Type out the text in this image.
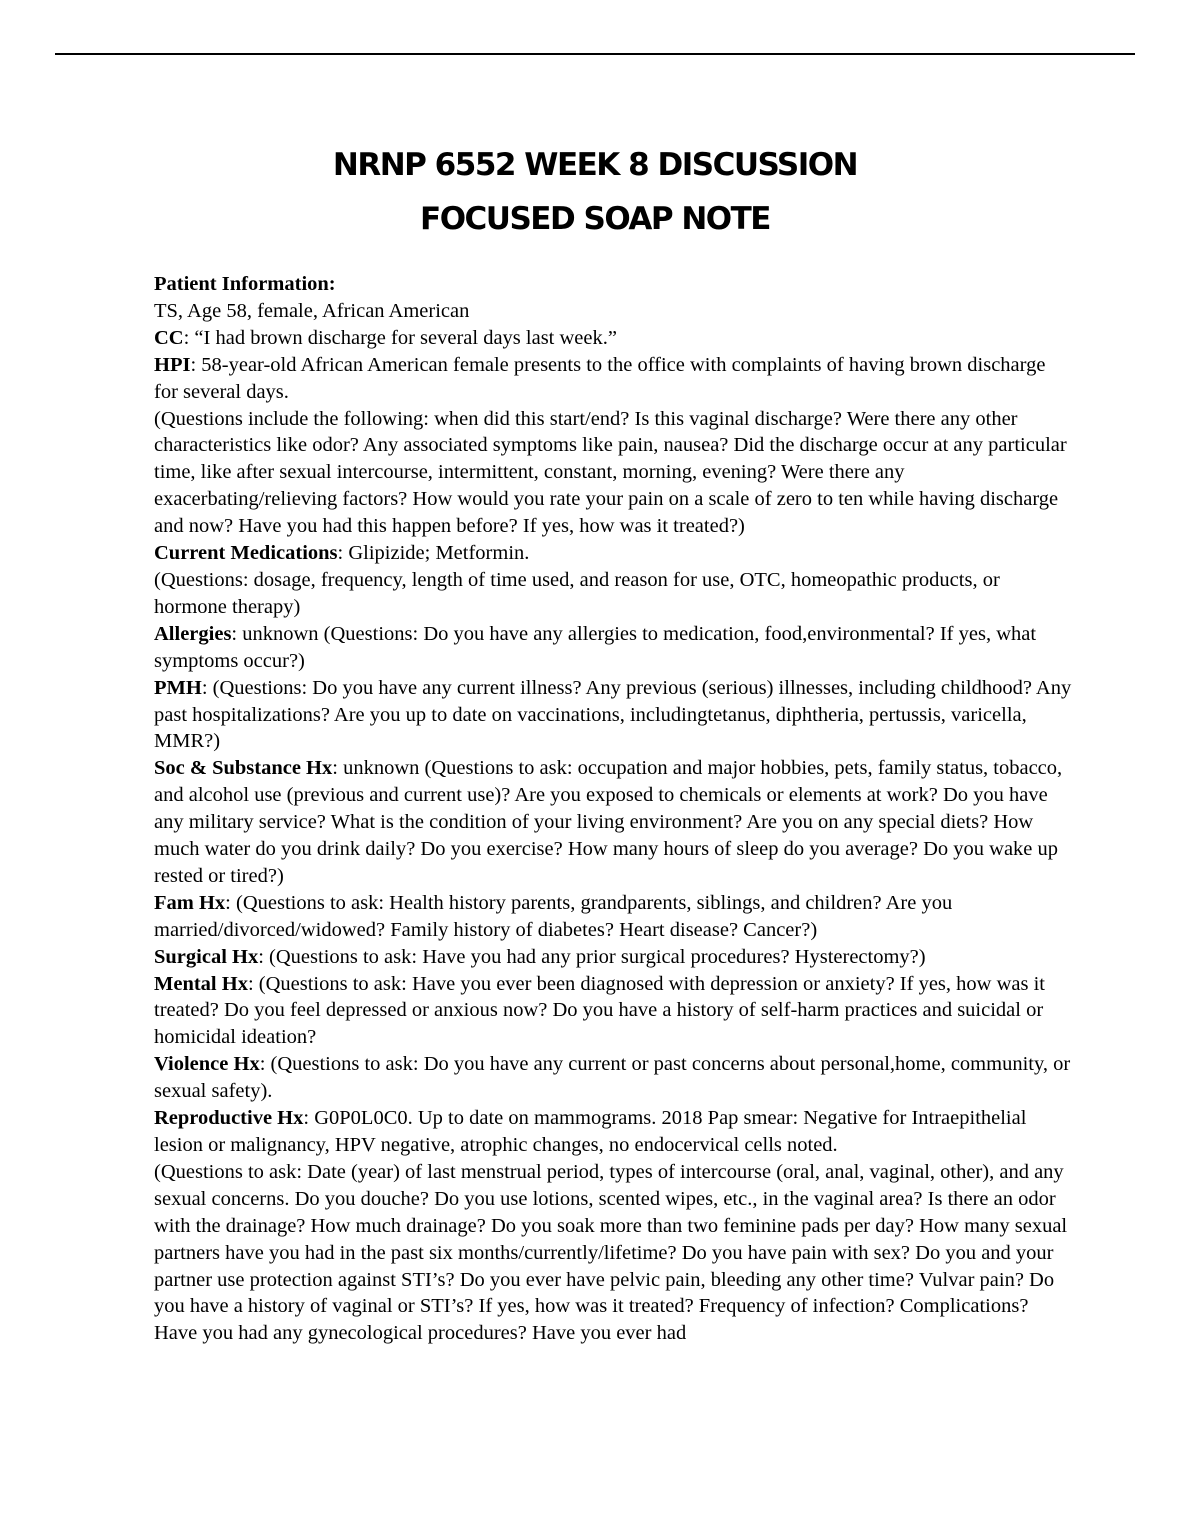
NRNP 6552 WEEK 8 DISCUSSION
FOCUSED SOAP NOTE

Patient Information:

TS, Age 58, female, African American

CC: “I had brown discharge for several days last week.”

HPI: 58-year-old African American female presents to the office with complaints of having brown discharge for several days.

(Questions include the following: when did this start/end? Is this vaginal discharge? Were there any other characteristics like odor? Any associated symptoms like pain, nausea? Did the discharge occur at any particular time, like after sexual intercourse, intermittent, constant, morning, evening? Were there any exacerbating/relieving factors? How would you rate your pain on a scale of zero to ten while having discharge and now? Have you had this happen before? If yes, how was it treated?)

Current Medications: Glipizide; Metformin.

(Questions: dosage, frequency, length of time used, and reason for use, OTC, homeopathic products, or hormone therapy)

Allergies: unknown (Questions: Do you have any allergies to medication, food,environmental? If yes, what symptoms occur?)

PMH: (Questions: Do you have any current illness? Any previous (serious) illnesses, including childhood? Any past hospitalizations? Are you up to date on vaccinations, includingtetanus, diphtheria, pertussis, varicella, MMR?)

Soc & Substance Hx: unknown (Questions to ask: occupation and major hobbies, pets, family status, tobacco, and alcohol use (previous and current use)? Are you exposed to chemicals or elements at work? Do you have any military service? What is the condition of your living environment? Are you on any special diets? How much water do you drink daily? Do you exercise? How many hours of sleep do you average? Do you wake up rested or tired?)

Fam Hx: (Questions to ask: Health history parents, grandparents, siblings, and children? Are you married/divorced/widowed? Family history of diabetes? Heart disease? Cancer?)

Surgical Hx: (Questions to ask: Have you had any prior surgical procedures? Hysterectomy?)

Mental Hx: (Questions to ask: Have you ever been diagnosed with depression or anxiety? If yes, how was it treated? Do you feel depressed or anxious now? Do you have a history of self-harm practices and suicidal or homicidal ideation?

Violence Hx: (Questions to ask: Do you have any current or past concerns about personal,home, community, or sexual safety).

Reproductive Hx: G0P0L0C0. Up to date on mammograms. 2018 Pap smear: Negative for Intraepithelial lesion or malignancy, HPV negative, atrophic changes, no endocervical cells noted.

(Questions to ask: Date (year) of last menstrual period, types of intercourse (oral, anal, vaginal, other), and any sexual concerns. Do you douche? Do you use lotions, scented wipes, etc., in the vaginal area? Is there an odor with the drainage? How much drainage? Do you soak more than two feminine pads per day? How many sexual partners have you had in the past six months/currently/lifetime? Do you have pain with sex? Do you and your partner use protection against STI’s? Do you ever have pelvic pain, bleeding any other time? Vulvar pain? Do you have a history of vaginal or STI’s? If yes, how was it treated? Frequency of infection? Complications? Have you had any gynecological procedures? Have you ever had
